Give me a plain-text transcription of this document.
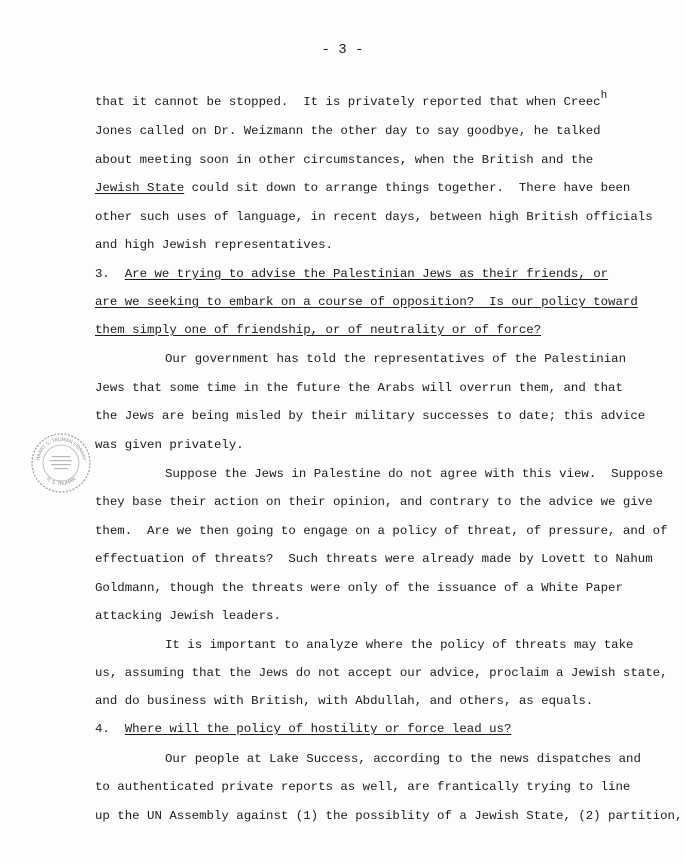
- 3 -
that it cannot be stopped.  It is privately reported that when Creech
Jones called on Dr. Weizmann the other day to say goodbye, he talked
about meeting soon in other circumstances, when the British and the
Jewish State could sit down to arrange things together.  There have been
other such uses of language, in recent days, between high British officials
and high Jewish representatives.
3.  Are we trying to advise the Palestinian Jews as their friends, or
are we seeking to embark on a course of opposition?  Is our policy toward
them simply one of friendship, or of neutrality or of force?
Our government has told the representatives of the Palestinian
Jews that some time in the future the Arabs will overrun them, and that
the Jews are being misled by their military successes to date; this advice
was given privately.
Suppose the Jews in Palestine do not agree with this view.  Suppose
they base their action on their opinion, and contrary to the advice we give
them.  Are we then going to engage on a policy of threat, of pressure, and of
effectuation of threats?  Such threats were already made by Lovett to Nahum
Goldmann, though the threats were only of the issuance of a White Paper
attacking Jewish leaders.
It is important to analyze where the policy of threats may take
us, assuming that the Jews do not accept our advice, proclaim a Jewish state,
and do business with British, with Abdullah, and others, as equals.
4.  Where will the policy of hostility or force lead us?
Our people at Lake Success, according to the news dispatches and
to authenticated private reports as well, are frantically trying to line
up the UN Assembly against (1) the possiblity of a Jewish State, (2) partition,
HARRY S. TRUMAN LIBRARY
H. S. TRUMAN
